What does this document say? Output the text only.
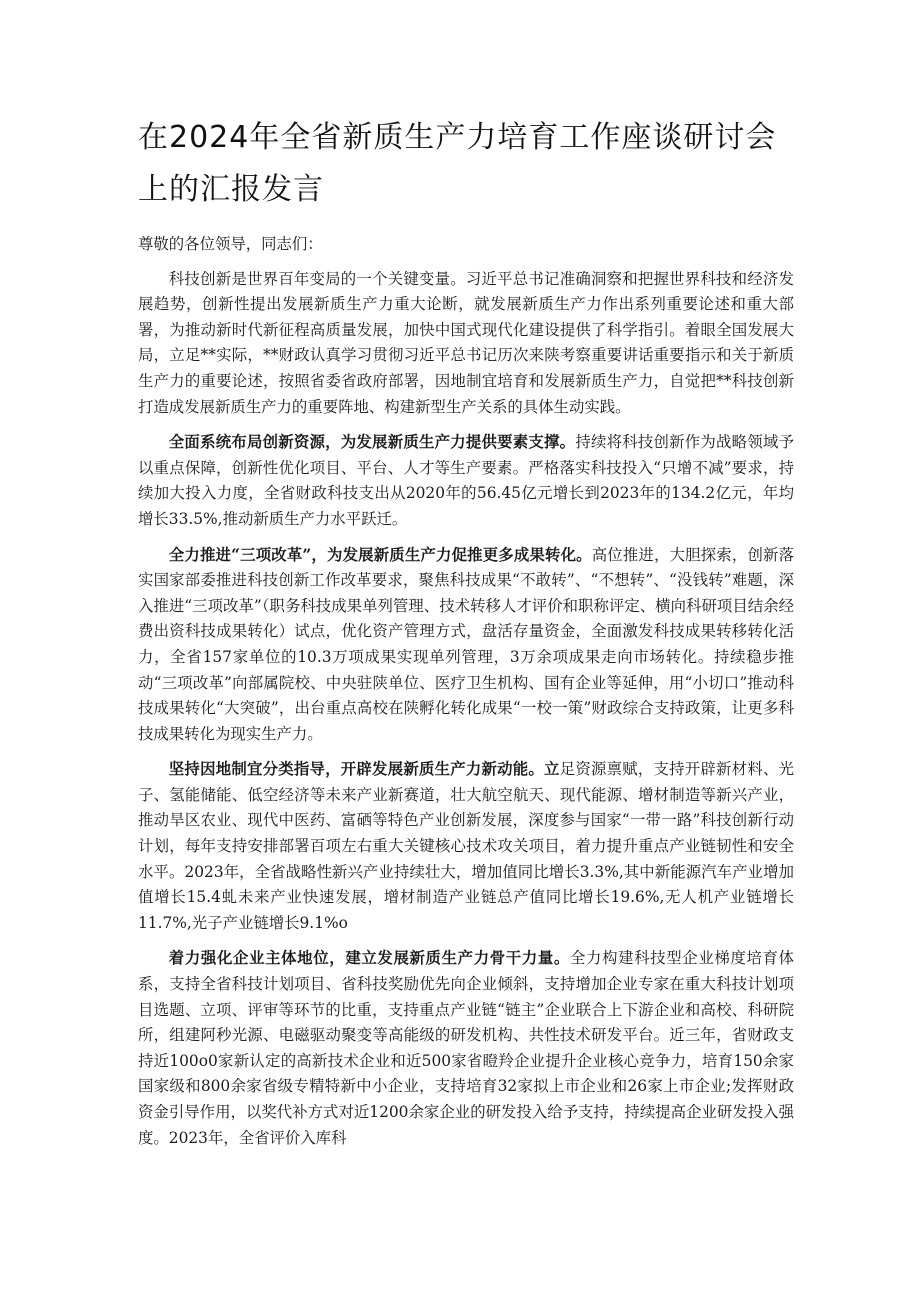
在2024年全省新质生产力培育工作座谈研讨会上的汇报发言

尊敬的各位领导，同志们：

科技创新是世界百年变局的一个关键变量。习近平总书记准确洞察和把握世界科技和经济发展趋势，创新性提出发展新质生产力重大论断，就发展新质生产力作出系列重要论述和重大部署，为推动新时代新征程高质量发展，加快中国式现代化建设提供了科学指引。着眼全国发展大局，立足**实际，**财政认真学习贯彻习近平总书记历次来陕考察重要讲话重要指示和关于新质生产力的重要论述，按照省委省政府部署，因地制宜培育和发展新质生产力，自觉把**科技创新打造成发展新质生产力的重要阵地、构建新型生产关系的具体生动实践。

全面系统布局创新资源，为发展新质生产力提供要素支撑。持续将科技创新作为战略领域予以重点保障，创新性优化项目、平台、人才等生产要素。严格落实科技投入“只增不减”要求，持续加大投入力度，全省财政科技支出从2020年的56.45亿元增长到2023年的134.2亿元，年均增长33.5%,推动新质生产力水平跃迁。

全力推进“三项改革”，为发展新质生产力促推更多成果转化。高位推进，大胆探索，创新落实国家部委推进科技创新工作改革要求，聚焦科技成果“不敢转”、“不想转”、“没钱转”难题，深入推进“三项改革”（职务科技成果单列管理、技术转移人才评价和职称评定、横向科研项目结余经费出资科技成果转化）试点，优化资产管理方式，盘活存量资金，全面激发科技成果转移转化活力，全省157家单位的10.3万项成果实现单列管理，3万余项成果走向市场转化。持续稳步推动“三项改革”向部属院校、中央驻陕单位、医疗卫生机构、国有企业等延伸，用“小切口”推动科技成果转化“大突破”，出台重点高校在陕孵化转化成果“一校一策”财政综合支持政策，让更多科技成果转化为现实生产力。

坚持因地制宜分类指导，开辟发展新质生产力新动能。立足资源禀赋，支持开辟新材料、光子、氢能储能、低空经济等未来产业新赛道，壮大航空航天、现代能源、增材制造等新兴产业，推动旱区农业、现代中医药、富硒等特色产业创新发展，深度参与国家“一带一路”科技创新行动计划，每年支持安排部署百项左右重大关键核心技术攻关项目，着力提升重点产业链韧性和安全水平。2023年，全省战略性新兴产业持续壮大，增加值同比增长3.3%,其中新能源汽车产业增加值增长15.4虬未来产业快速发展，增材制造产业链总产值同比增长19.6%,无人机产业链增长11.7%,光子产业链增长9.1%o

着力强化企业主体地位，建立发展新质生产力骨干力量。全力构建科技型企业梯度培育体系，支持全省科技计划项目、省科技奖励优先向企业倾斜，支持增加企业专家在重大科技计划项目选题、立项、评审等环节的比重，支持重点产业链“链主”企业联合上下游企业和高校、科研院所，组建阿秒光源、电磁驱动聚变等高能级的研发机构、共性技术研发平台。近三年，省财政支持近100o0家新认定的高新技术企业和近500家省瞪羚企业提升企业核心竞争力，培育150余家国家级和800余家省级专精特新中小企业，支持培育32家拟上市企业和26家上市企业;发挥财政资金引导作用，以奖代补方式对近1200余家企业的研发投入给予支持，持续提高企业研发投入强度。2023年，全省评价入库科
